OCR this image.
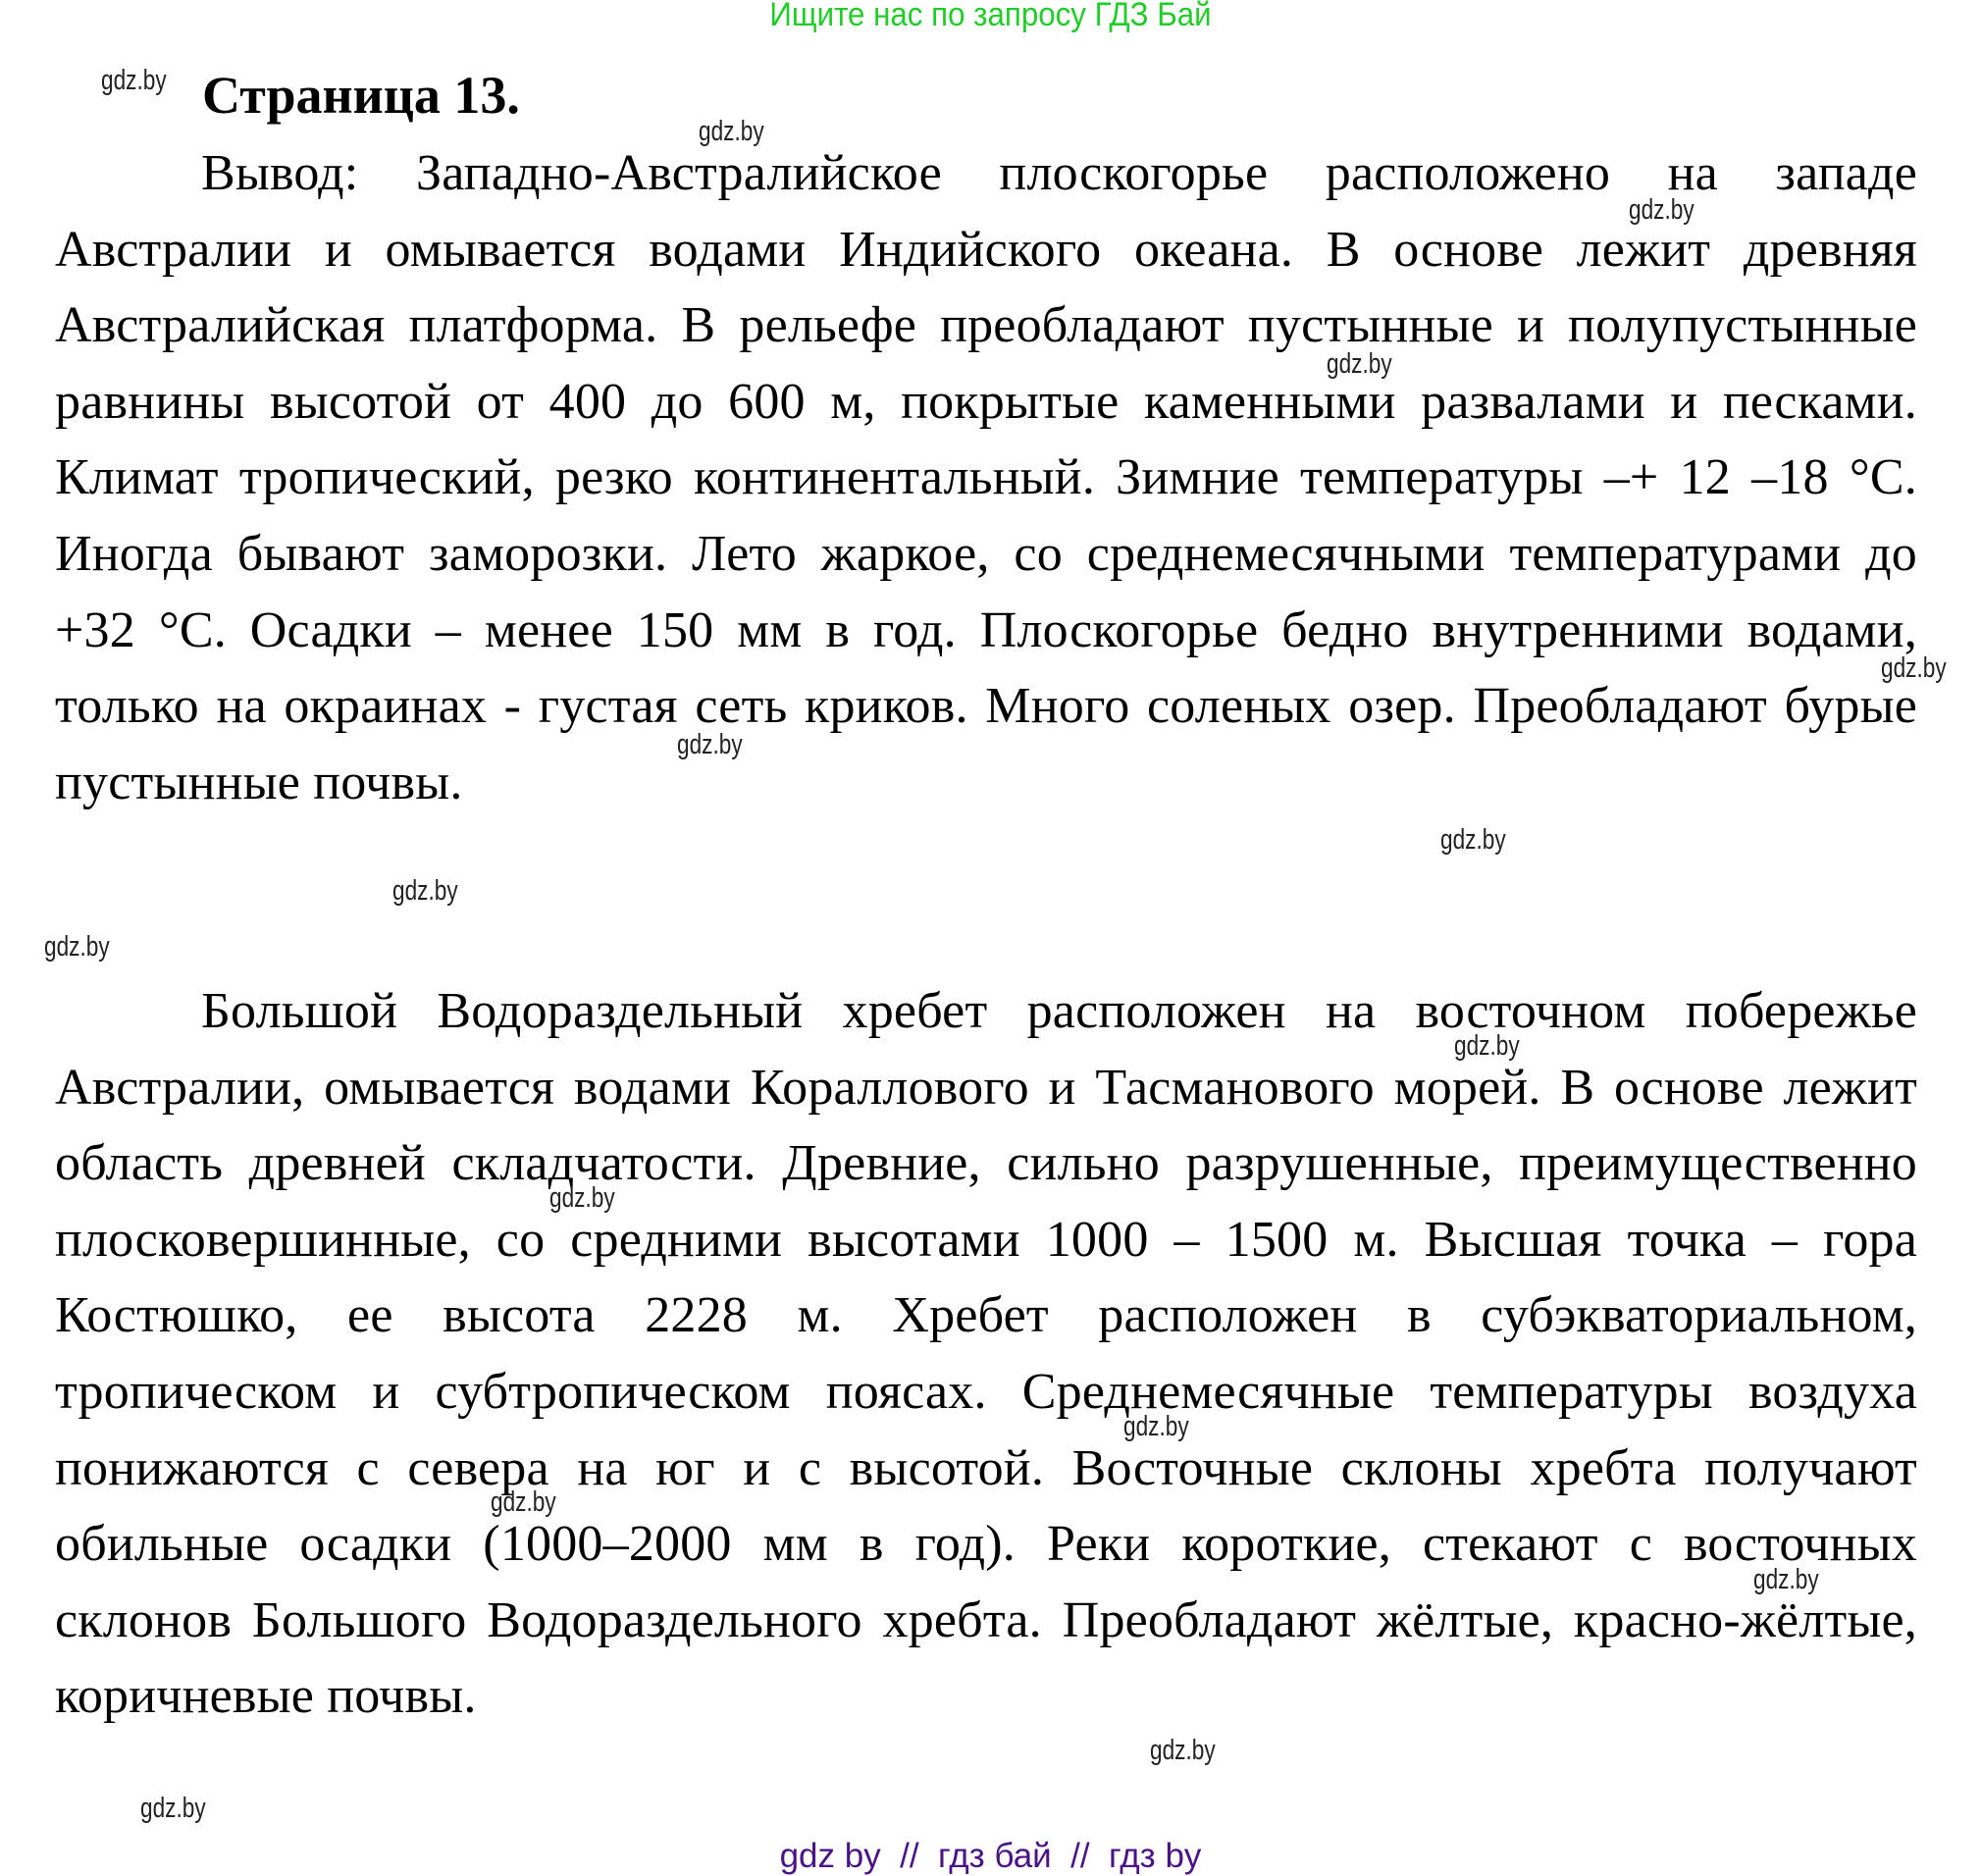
Ищите нас по запросу ГДЗ Бай
Страница 13.
Вывод: Западно-Австралийское плоскогорье расположено на западе Австралии и омывается водами Индийского океана. В основе лежит древняя Австралийская платформа. В рельефе преобладают пустынные и полупустынные равнины высотой от 400 до 600 м, покрытые каменными развалами и песками. Климат тропический, резко континентальный. Зимние температуры –+ 12 –18 °С. Иногда бывают заморозки. Лето жаркое, со среднемесячными температурами до +32 °С. Осадки – менее 150 мм в год. Плоскогорье бедно внутренними водами, только на окраинах - густая сеть криков. Много соленых озер. Преобладают бурые пустынные почвы.
Большой Водораздельный хребет расположен на восточном побережье Австралии, омывается водами Кораллового и Тасманового морей. В основе лежит область древней складчатости. Древние, сильно разрушенные, преимущественно плосковершинные, со средними высотами 1000 – 1500 м. Высшая точка – гора Костюшко, ее высота 2228 м. Хребет расположен в субэкваториальном, тропическом и субтропическом поясах. Среднемесячные температуры воздуха понижаются с севера на юг и с высотой. Восточные склоны хребта получают обильные осадки (1000–2000 мм в год). Реки короткие, стекают с восточных склонов Большого Водораздельного хребта. Преобладают жёлтые, красно-жёлтые, коричневые почвы.
gdz.by
gdz.by
gdz.by
gdz.by
gdz.by
gdz.by
gdz.by
gdz.by
gdz.by
gdz.by
gdz.by
gdz.by
gdz.by
gdz.by
gdz.by
gdz.by
gdz by  //  гдз бай  //  гдз by
